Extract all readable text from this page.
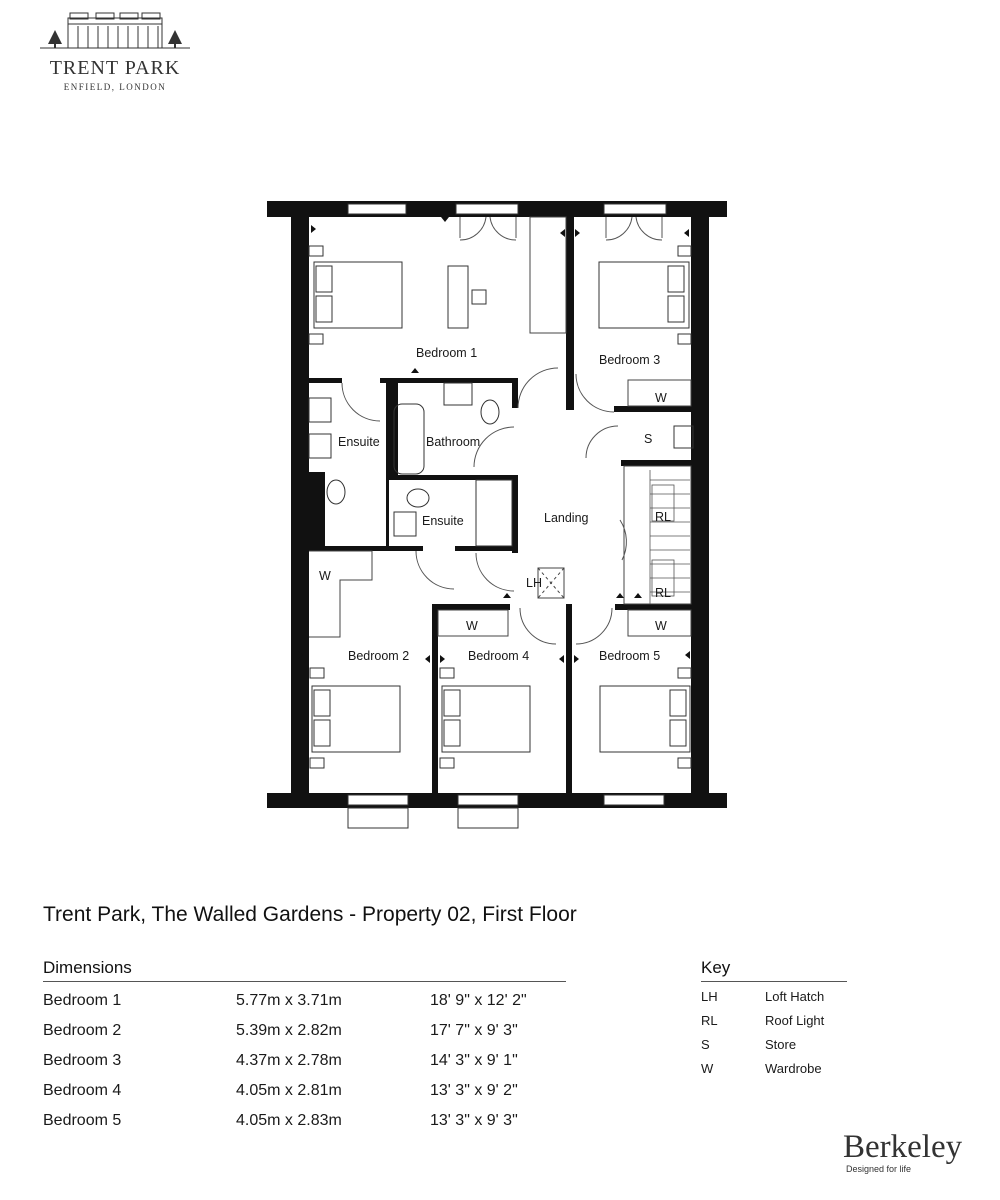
TRENT PARK
ENFIELD, LONDON
Bedroom 1	Bedroom 3
Ensuite	Bathroom
Ensuite	Landing
Bedroom 2	Bedroom 4	Bedroom 5
W
W	W
W
S
RL
RL
LH
Trent Park, The Walled Gardens - Property 02, First Floor
Dimensions
Bedroom 1	5.77m x 3.71m	18' 9" x 12' 2"
Bedroom 2	5.39m x 2.82m	17' 7" x 9' 3"
Bedroom 3	4.37m x 2.78m	14' 3" x 9' 1"
Bedroom 4	4.05m x 2.81m	13' 3" x 9' 2"
Bedroom 5	4.05m x 2.83m	13' 3" x 9' 3"
Key
LH	Loft Hatch
RL	Roof Light
S	Store
W	Wardrobe
Berkeley
Designed for life
